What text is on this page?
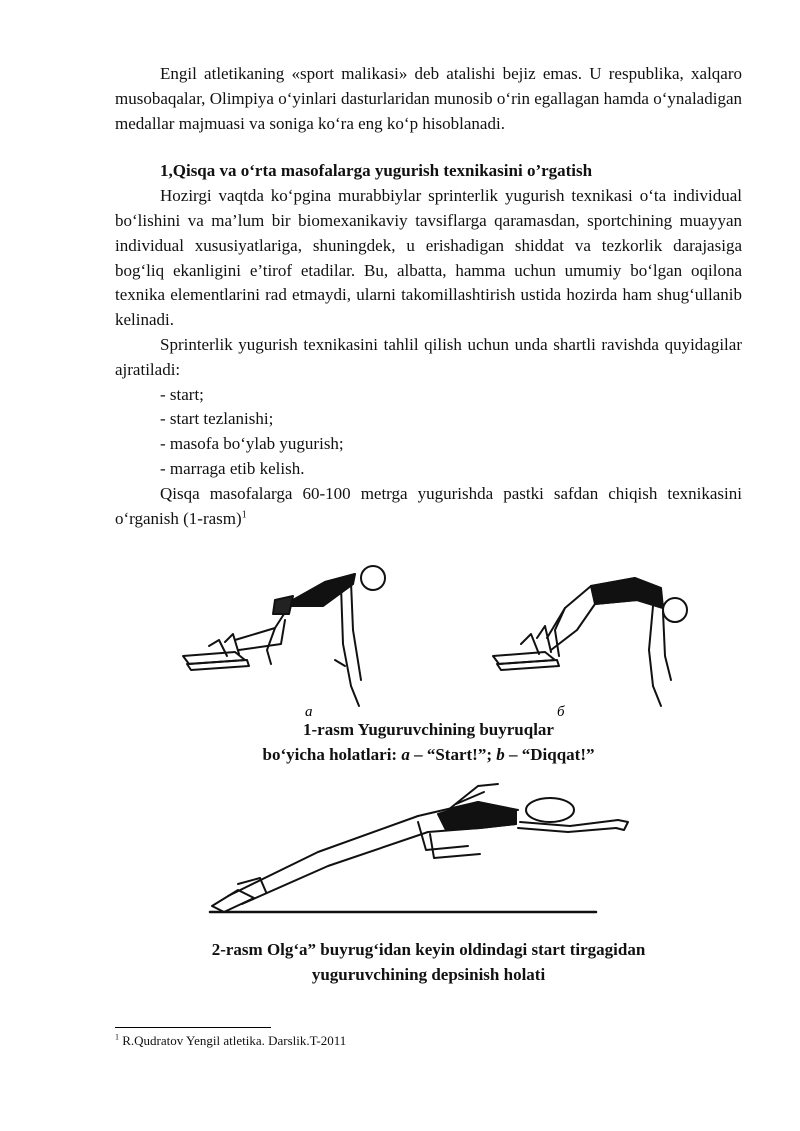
Engil atletikaning «sport malikasi» deb atalishi bejiz emas. U respublika, xalqaro musobaqalar, Olimpiya o‘yinlari dasturlaridan munosib o‘rin egallagan hamda o‘ynaladigan medallar majmuasi va soniga ko‘ra eng ko‘p hisoblanadi.

1,Qisqa va o‘rta masofalarga yugurish texnikasini o’rgatish

Hozirgi vaqtda ko‘pgina murabbiylar sprinterlik yugurish texnikasi o‘ta individual bo‘lishini va ma’lum bir biomexanikaviy tavsiflarga qaramasdan, sportchining muayyan individual xususiyatlariga, shuningdek, u erishadigan shiddat va tezkorlik darajasiga bog‘liq ekanligini e’tirof etadilar. Bu, albatta, hamma uchun umumiy bo‘lgan oqilona texnika elementlarini rad etmaydi, ularni takomillashtirish ustida hozirda ham shug‘ullanib kelinadi.

Sprinterlik yugurish texnikasini tahlil qilish uchun unda shartli ravishda quyidagilar ajratiladi:

- start;

- start tezlanishi;

- masofa bo‘ylab yugurish;

- marraga etib kelish.

Qisqa masofalarga 60-100 metrga yugurishda pastki safdan chiqish texnikasini o‘rganish (1-rasm)$^1$

а	б
1-rasm Yuguruvchining buyruqlar
bo‘yicha holatlari: a – “Start!”; b – “Diqqat!”
2-rasm Olg‘a” buyrug‘idan keyin oldindagi start tirgagidan
yuguruvchining depsinish holati
$^1$ R.Qudratov Yengil atletika. Darslik.T-2011
